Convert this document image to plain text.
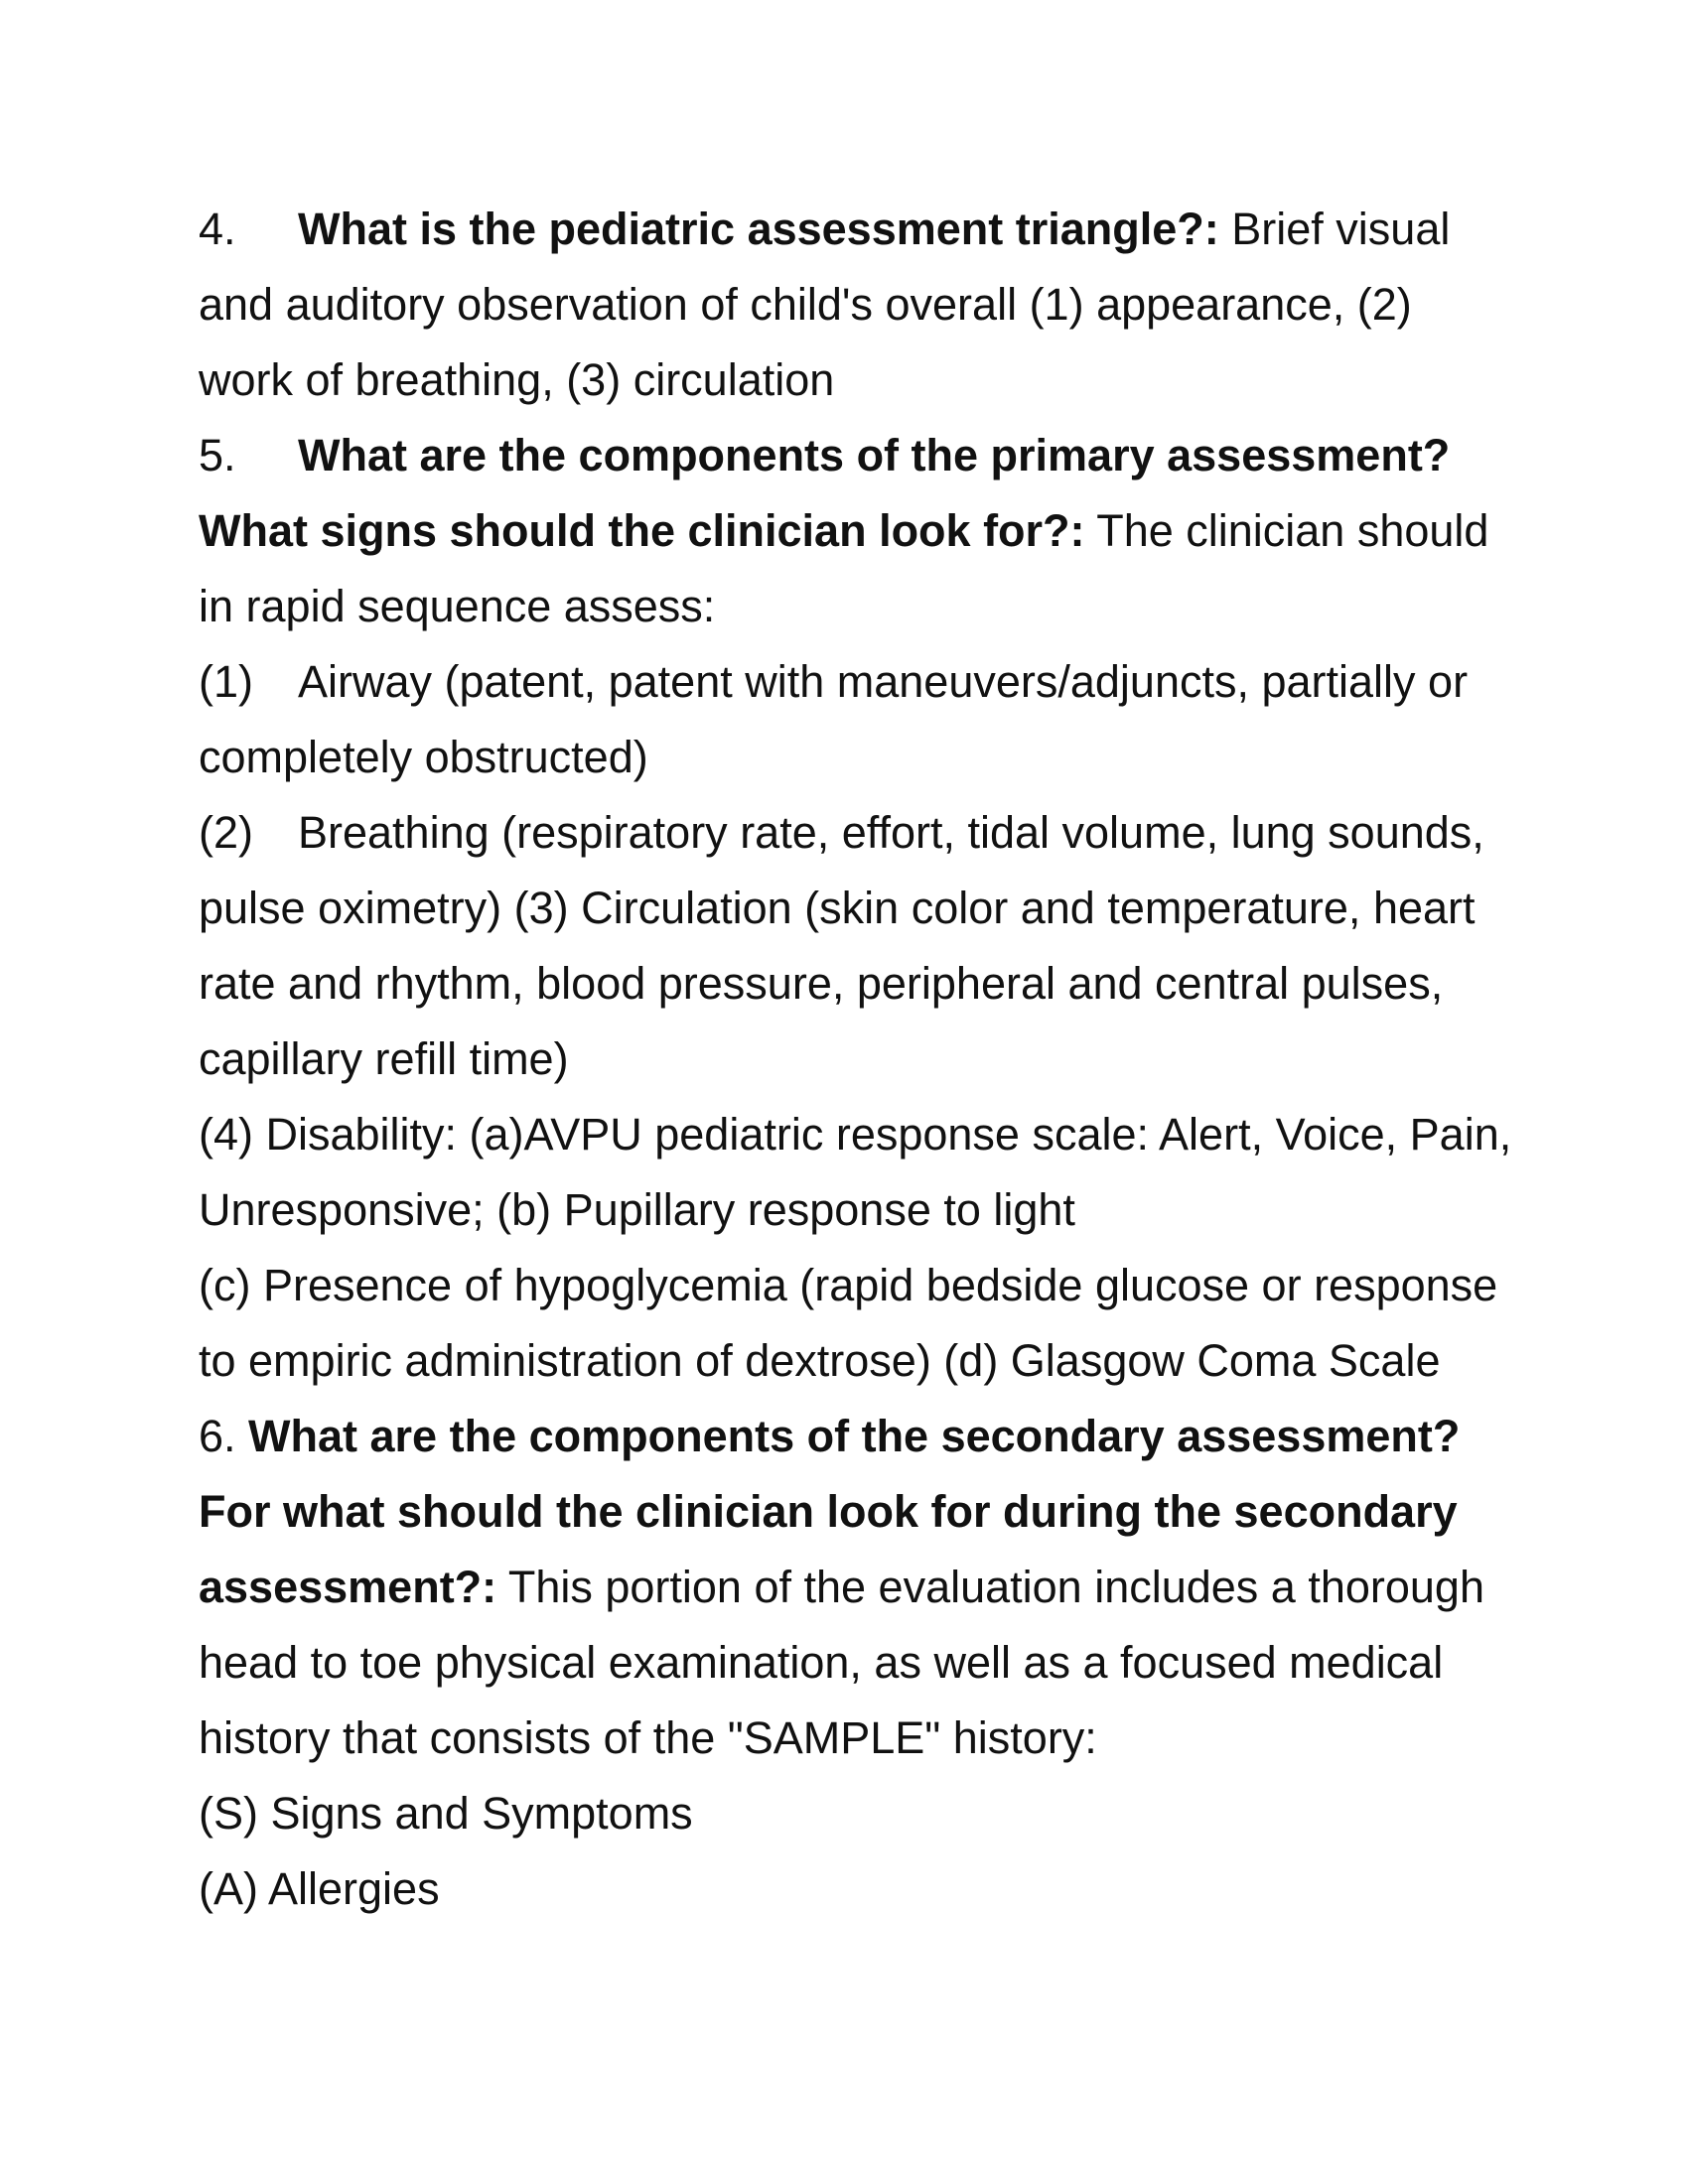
4. What is the pediatric assessment triangle?: Brief visual
and auditory observation of child's overall (1) appearance, (2)
work of breathing, (3) circulation
5. What are the components of the primary assessment?
What signs should the clinician look for?: The clinician should
in rapid sequence assess:
(1) Airway (patent, patent with maneuvers/adjuncts, partially or
completely obstructed)
(2) Breathing (respiratory rate, effort, tidal volume, lung sounds,
pulse oximetry) (3) Circulation (skin color and temperature, heart
rate and rhythm, blood pressure, peripheral and central pulses,
capillary refill time)
(4) Disability: (a)AVPU pediatric response scale: Alert, Voice, Pain,
Unresponsive; (b) Pupillary response to light
(c) Presence of hypoglycemia (rapid bedside glucose or response
to empiric administration of dextrose) (d) Glasgow Coma Scale
6. What are the components of the secondary assessment?
For what should the clinician look for during the secondary
assessment?: This portion of the evaluation includes a thorough
head to toe physical examination, as well as a focused medical
history that consists of the "SAMPLE" history:
(S) Signs and Symptoms
(A) Allergies
